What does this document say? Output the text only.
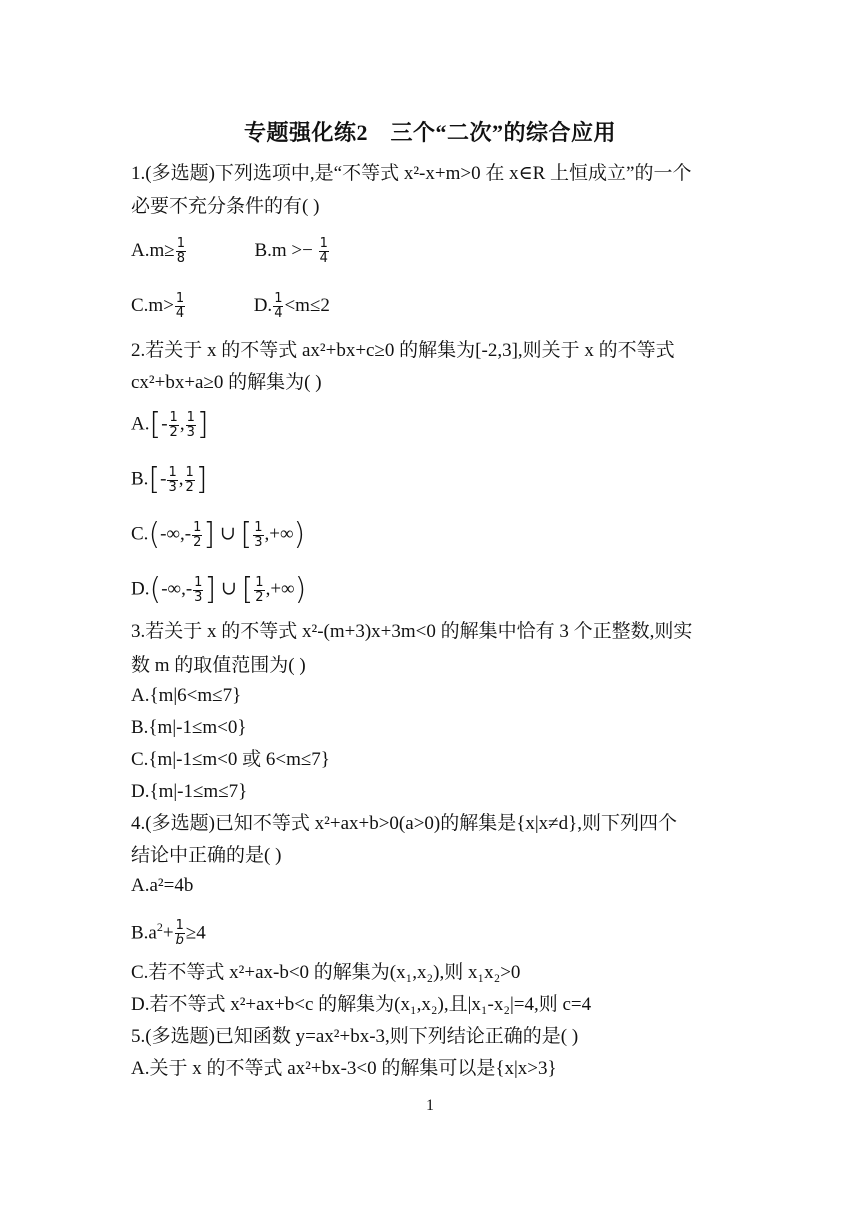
专题强化练2　三个“二次”的综合应用
1.(多选题)下列选项中,是“不等式 x²-x+m>0 在 x∈R 上恒成立”的一个
必要不充分条件的有( )
$A.m\ge \frac{1}{8}$	$B.m >- \frac{1}{4}$
$C.m> \frac{1}{4}$	D. $\frac{1}{4} <m\le 2$
2.若关于 x 的不等式 ax²+bx+c≥0 的解集为[-2,3],则关于 x 的不等式
cx²+bx+a≥0 的解集为( )
$A.[- \frac{1}{2}$ , $\frac{1}{3}$ ]
$B.[- \frac{1}{3}$ , $\frac{1}{2}$ ]
$C.(-\infty,- \frac{1}{2}$ ] ∪ [ $\frac{1}{3}$ ,+∞)
$D.(-\infty,- \frac{1}{3}$ ] ∪ [ $\frac{1}{2}$ ,+∞)
3.若关于 x 的不等式 x²-(m+3)x+3m<0 的解集中恰有 3 个正整数,则实
数 m 的取值范围为( )
A.{m|6<m≤7}
B.{m|-1≤m<0}
C.{m|-1≤m<0 或 6<m≤7}
D.{m|-1≤m≤7}
4.(多选题)已知不等式 x²+ax+b>0(a>0)的解集是{x|x≠d},则下列四个
结论中正确的是( )
A.a²=4b
$B.a^2+ \frac{1}{b} \ge 4$
C.若不等式 x²+ax-b<0 的解集为(x₁,x₂),则 x₁x₂>0
D.若不等式 x²+ax+b<c 的解集为(x₁,x₂),且|x₁-x₂|=4,则 c=4
5.(多选题)已知函数 y=ax²+bx-3,则下列结论正确的是( )
A.关于 x 的不等式 ax²+bx-3<0 的解集可以是{x|x>3}
1
